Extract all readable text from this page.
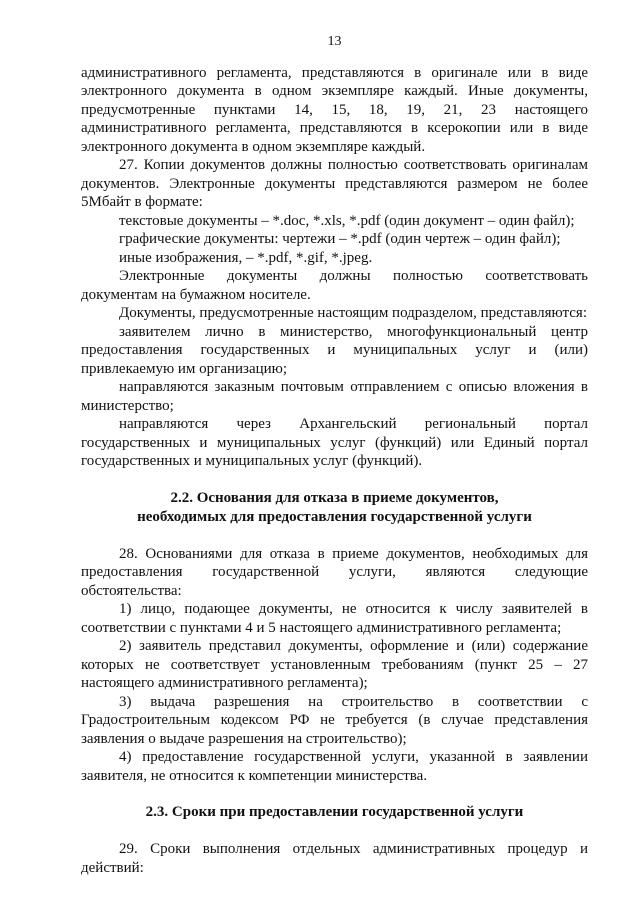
13

административного регламента, представляются в оригинале или в виде электронного документа в одном экземпляре каждый. Иные документы, предусмотренные пунктами 14, 15, 18, 19, 21, 23 настоящего административного регламента, представляются в ксерокопии или в виде электронного документа в одном экземпляре каждый.

27. Копии документов должны полностью соответствовать оригиналам документов. Электронные документы представляются размером не более 5Мбайт в формате:

текстовые документы – *.doc, *.xls, *.pdf (один документ – один файл);

графические документы: чертежи – *.pdf (один чертеж – один файл);

иные изображения, – *.pdf, *.gif, *.jpeg.

Электронные документы должны полностью соответствовать документам на бумажном носителе.

Документы, предусмотренные настоящим подразделом, представляются:

заявителем лично в министерство, многофункциональный центр предоставления государственных и муниципальных услуг и (или) привлекаемую им организацию;

направляются заказным почтовым отправлением с описью вложения в министерство;

направляются через Архангельский региональный портал государственных и муниципальных услуг (функций) или Единый портал государственных и муниципальных услуг (функций).

2.2. Основания для отказа в приеме документов,
необходимых для предоставления государственной услуги

28. Основаниями для отказа в приеме документов, необходимых для предоставления государственной услуги, являются следующие обстоятельства:

1) лицо, подающее документы, не относится к числу заявителей в соответствии с пунктами 4 и 5 настоящего административного регламента;

2) заявитель представил документы, оформление и (или) содержание которых не соответствует установленным требованиям (пункт 25 – 27 настоящего административного регламента);

3) выдача разрешения на строительство в соответствии с Градостроительным кодексом РФ не требуется (в случае представления заявления о выдаче разрешения на строительство);

4) предоставление государственной услуги, указанной в заявлении заявителя, не относится к компетенции министерства.

2.3. Сроки при предоставлении государственной услуги

29. Сроки выполнения отдельных административных процедур и действий:
